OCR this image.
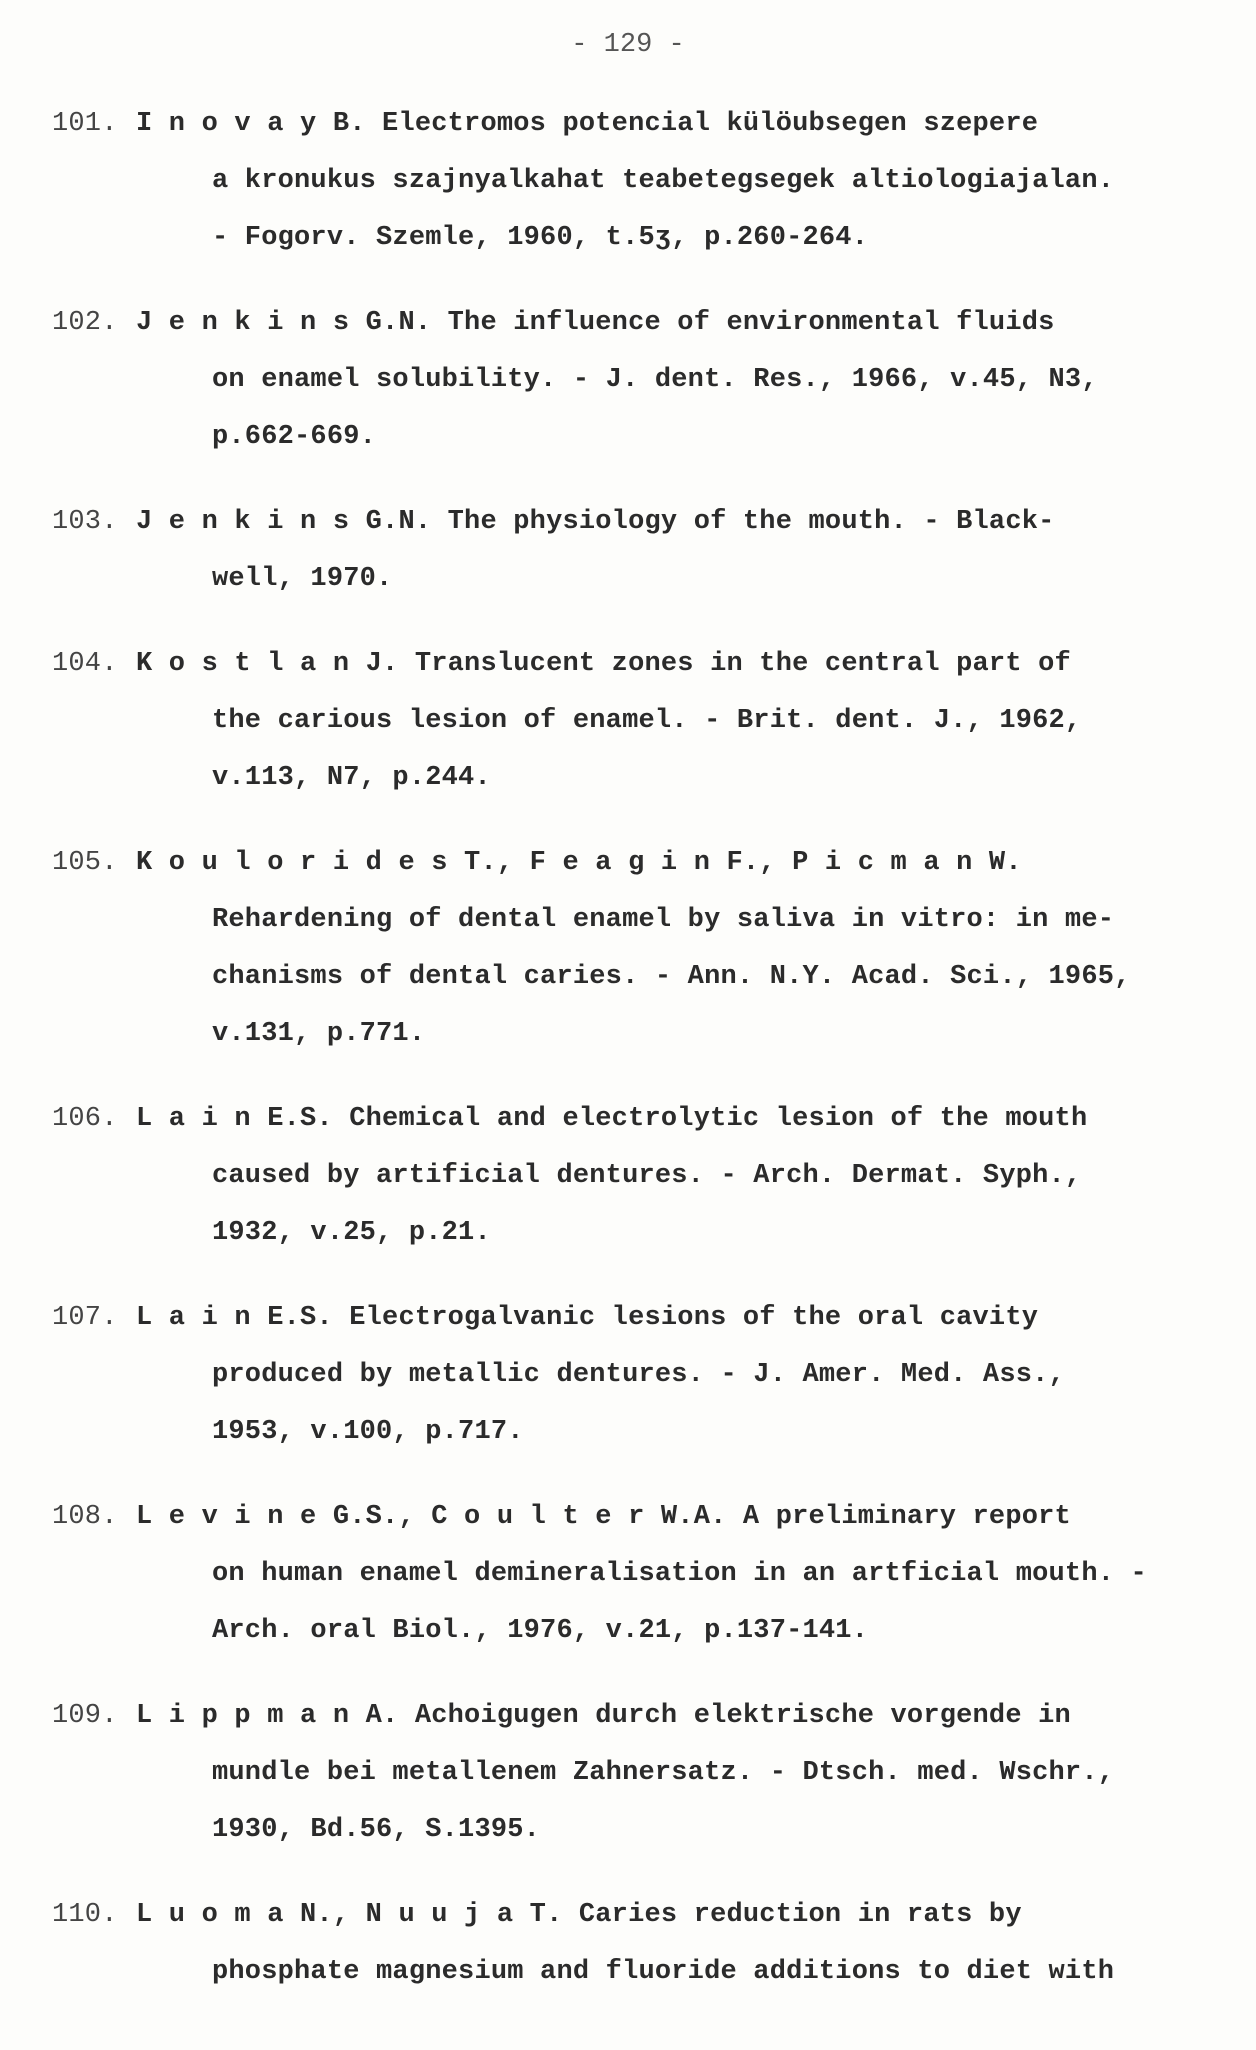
- 129 -
101. I n o v a y B. Electromos potencial külöubsegen szepere
a kronukus szajnyalkahat teabetegsegek altiologiajalan.
- Fogorv. Szemle, 1960, t.5ʒ, p.260-264.
102. J e n k i n s G.N. The influence of environmental fluids
on enamel solubility. - J. dent. Res., 1966, v.45, N3,
p.662-669.
103. J e n k i n s G.N. The physiology of the mouth. - Black-
well, 1970.
104. K o s t l a n J. Translucent zones in the central part of
the carious lesion of enamel. - Brit. dent. J., 1962,
v.113, N7, p.244.
105. K o u l o r i d e s T., F e a g i n F., P i c m a n W.
Rehardening of dental enamel by saliva in vitro: in me-
chanisms of dental caries. - Ann. N.Y. Acad. Sci., 1965,
v.131, p.771.
106. L a i n E.S. Chemical and electrolytic lesion of the mouth
caused by artificial dentures. - Arch. Dermat. Syph.,
1932, v.25, p.21.
107. L a i n E.S. Electrogalvanic lesions of the oral cavity
produced by metallic dentures. - J. Amer. Med. Ass.,
1953, v.100, p.717.
108. L e v i n e G.S., C o u l t e r W.A. A preliminary report
on human enamel demineralisation in an artficial mouth. -
Arch. oral Biol., 1976, v.21, p.137-141.
109. L i p p m a n A. Achoigugen durch elektrische vorgende in
mundle bei metallenem Zahnersatz. - Dtsch. med. Wschr.,
1930, Bd.56, S.1395.
110. L u o m a N., N u u j a T. Caries reduction in rats by
phosphate magnesium and fluoride additions to diet with
